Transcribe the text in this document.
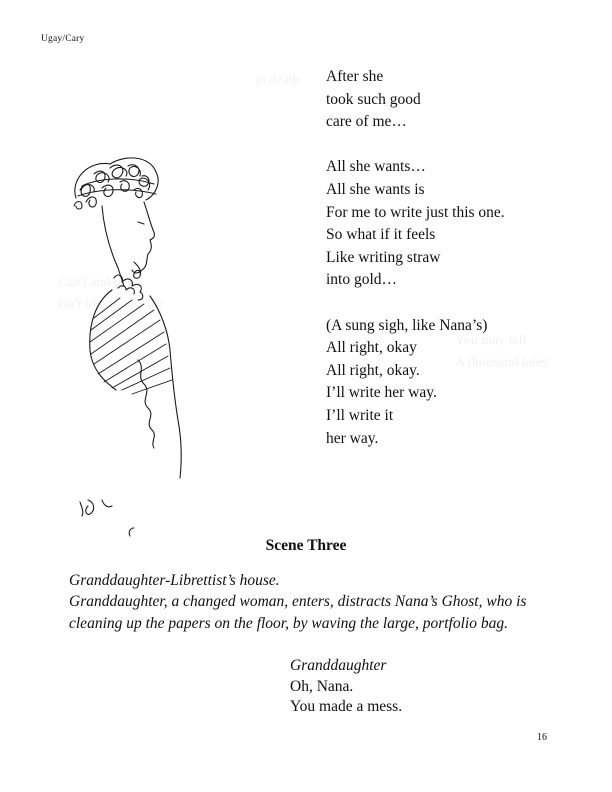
in death
Can't and peep
Isn't like today, for
You may tell
A thousand tales
Ugay/Cary
After she
took such good
care of me…
All she wants…
All she wants is
For me to write just this one.
So what if it feels
Like writing straw
into gold…
(A sung sigh, like Nana’s)
All right, okay
All right, okay.
I’ll write her way.
I’ll write it
her way.
Scene Three
Granddaughter-Librettist’s house.
Granddaughter, a changed woman, enters, distracts Nana’s Ghost, who is cleaning up the papers on the floor, by waving the large, portfolio bag.
Granddaughter
Oh, Nana.
You made a mess.
16
